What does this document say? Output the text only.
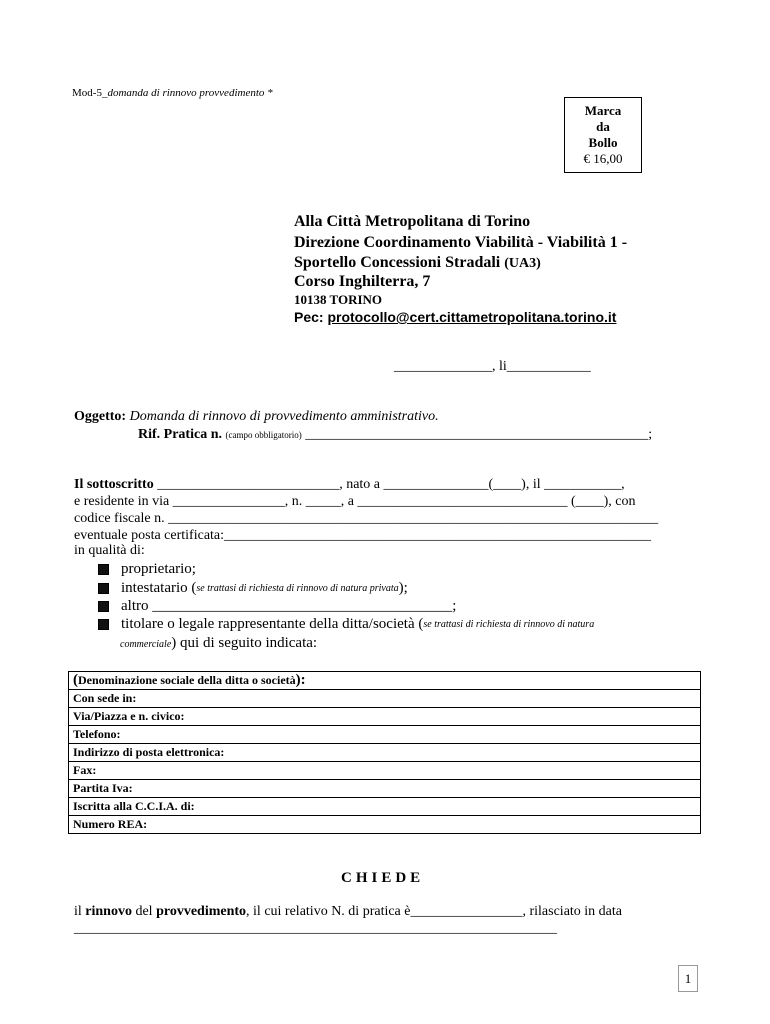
Mod-5_domanda di rinnovo provvedimento *
Marca
da
Bollo
€ 16,00
Alla Città Metropolitana di Torino
Direzione Coordinamento Viabilità - Viabilità 1 -
Sportello Concessioni Stradali (UA3)
Corso Inghilterra, 7
10138 TORINO
Pec: protocollo@cert.cittametropolitana.torino.it
______________, li____________
Oggetto: Domanda di rinnovo di provvedimento amministrativo.
Rif. Pratica n. (campo obbligatorio) _________________________________________________;
Il sottoscritto __________________________, nato a _______________(____), il ___________,
e residente in via ________________, n. _____, a ______________________________ (____), con
codice fiscale n. ______________________________________________________________________
eventuale posta certificata:_____________________________________________________________
in qualità di:
proprietario;
intestatario ( se trattasi di richiesta di rinnovo di natura privata );
altro ________________________________________;
titolare o legale rappresentante della ditta/società ( se trattasi di richiesta di rinnovo di natura
commerciale) qui di seguito indicata:
(Denominazione sociale della ditta o società):
Con sede in:
Via/Piazza e n. civico:
Telefono:
Indirizzo di posta elettronica:
Fax:
Partita Iva:
Iscritta alla C.C.I.A. di:
Numero REA:
CHIEDE
il rinnovo del provvedimento, il cui relativo N. di pratica è________________, rilasciato in data
_____________________________________________________________________
1
